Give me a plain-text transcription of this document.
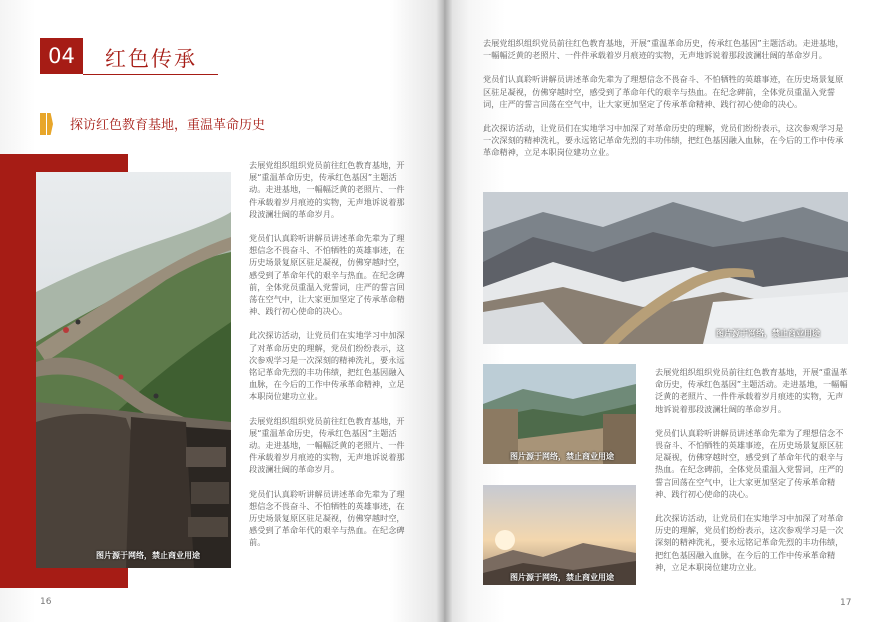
04	红色传承
探访红色教育基地，重温革命历史
图片源于网络，禁止商业用途

去展党组织组织党员前往红色教育基地，开展“重温革命历史，传承红色基因”主题活动。走进基地，一幅幅泛黄的老照片、一件件承载着岁月痕迹的实物，无声地诉说着那段波澜壮阔的革命岁月。

党员们认真聆听讲解员讲述革命先辈为了理想信念不畏奋斗、不怕牺牲的英雄事迹，在历史场景复原区驻足凝视，仿佛穿越时空，感受到了革命年代的艰辛与热血。在纪念碑前，全体党员重温入党誓词，庄严的誓言回荡在空气中，让大家更加坚定了传承革命精神、践行初心使命的决心。

此次探访活动，让党员们在实地学习中加深了对革命历史的理解，党员们纷纷表示，这次参观学习是一次深刻的精神洗礼，要永远铭记革命先烈的丰功伟绩，把红色基因融入血脉，在今后的工作中传承革命精神，立足本职岗位建功立业。

去展党组织组织党员前往红色教育基地，开展“重温革命历史，传承红色基因”主题活动。走进基地，一幅幅泛黄的老照片、一件件承载着岁月痕迹的实物，无声地诉说着那段波澜壮阔的革命岁月。

党员们认真聆听讲解员讲述革命先辈为了理想信念不畏奋斗、不怕牺牲的英雄事迹，在历史场景复原区驻足凝视，仿佛穿越时空，感受到了革命年代的艰辛与热血。在纪念碑前。

16

去展党组织组织党员前往红色教育基地，开展“重温革命历史，传承红色基因”主题活动。走进基地，一幅幅泛黄的老照片、一件件承载着岁月痕迹的实物，无声地诉说着那段波澜壮阔的革命岁月。

党员们认真聆听讲解员讲述革命先辈为了理想信念不畏奋斗、不怕牺牲的英雄事迹，在历史场景复原区驻足凝视，仿佛穿越时空，感受到了革命年代的艰辛与热血。在纪念碑前，全体党员重温入党誓词，庄严的誓言回荡在空气中，让大家更加坚定了传承革命精神、践行初心使命的决心。

此次探访活动，让党员们在实地学习中加深了对革命历史的理解，党员们纷纷表示，这次参观学习是一次深刻的精神洗礼，要永远铭记革命先烈的丰功伟绩，把红色基因融入血脉，在今后的工作中传承革命精神，立足本职岗位建功立业。

图片源于网络，禁止商业用途
图片源于网络，禁止商业用途
图片源于网络，禁止商业用途

去展党组织组织党员前往红色教育基地，开展“重温革命历史，传承红色基因”主题活动。走进基地，一幅幅泛黄的老照片、一件件承载着岁月痕迹的实物，无声地诉说着那段波澜壮阔的革命岁月。

党员们认真聆听讲解员讲述革命先辈为了理想信念不畏奋斗、不怕牺牲的英雄事迹，在历史场景复原区驻足凝视，仿佛穿越时空，感受到了革命年代的艰辛与热血。在纪念碑前，全体党员重温入党誓词，庄严的誓言回荡在空气中，让大家更加坚定了传承革命精神、践行初心使命的决心。

此次探访活动，让党员们在实地学习中加深了对革命历史的理解，党员们纷纷表示，这次参观学习是一次深刻的精神洗礼，要永远铭记革命先烈的丰功伟绩，把红色基因融入血脉，在今后的工作中传承革命精神，立足本职岗位建功立业。

17
